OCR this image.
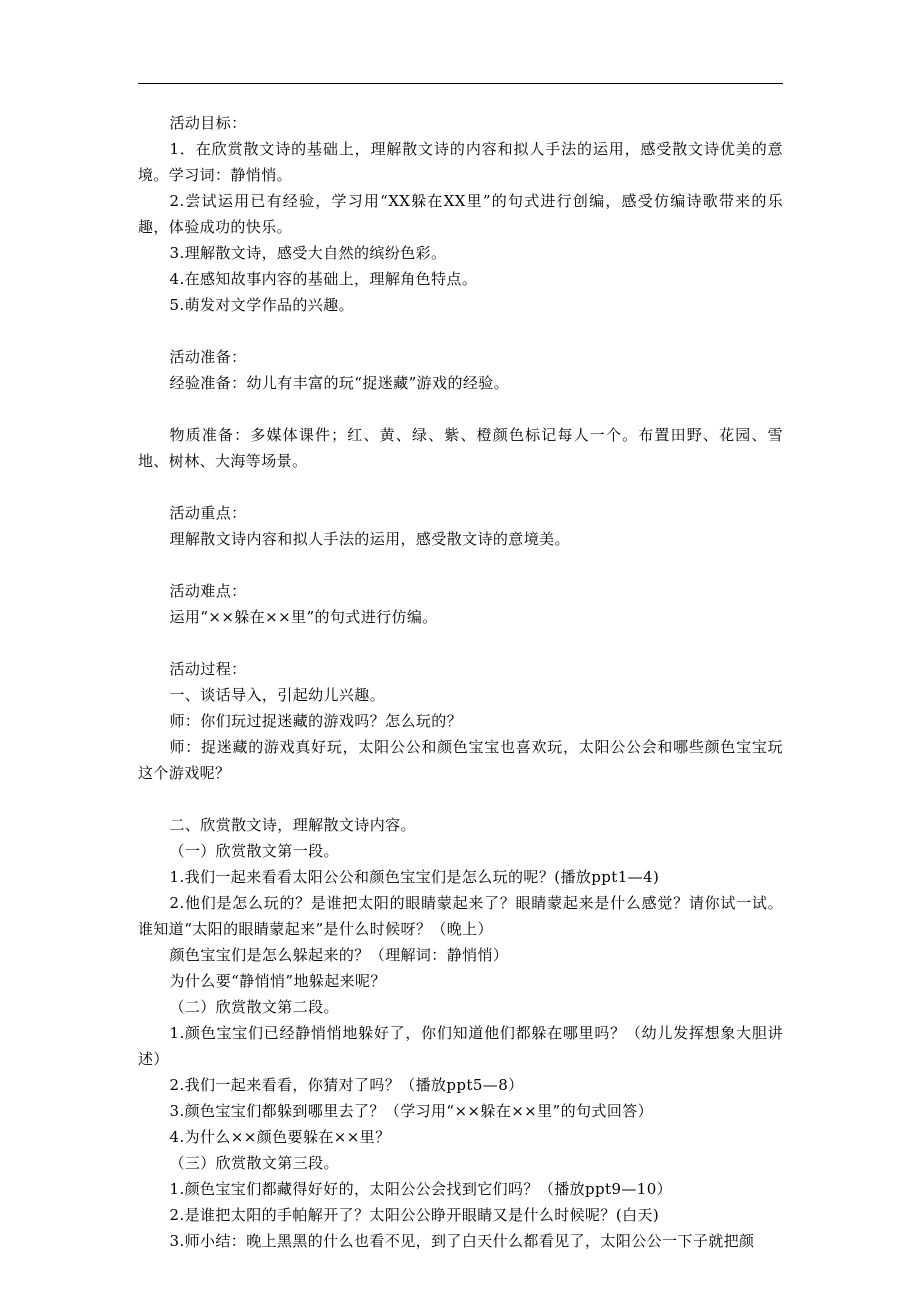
活动目标：

1．在欣赏散文诗的基础上，理解散文诗的内容和拟人手法的运用，感受散文诗优美的意境。学习词：静悄悄。

2.尝试运用已有经验，学习用“XX躲在XX里”的句式进行创编，感受仿编诗歌带来的乐趣，体验成功的快乐。

3.理解散文诗，感受大自然的缤纷色彩。

4.在感知故事内容的基础上，理解角色特点。

5.萌发对文学作品的兴趣。

活动准备：

经验准备：幼儿有丰富的玩“捉迷藏”游戏的经验。

物质准备：多媒体课件；红、黄、绿、紫、橙颜色标记每人一个。布置田野、花园、雪地、树林、大海等场景。

活动重点：

理解散文诗内容和拟人手法的运用，感受散文诗的意境美。

活动难点：

运用“××躲在××里”的句式进行仿编。

活动过程：

一、谈话导入，引起幼儿兴趣。

师：你们玩过捉迷藏的游戏吗？怎么玩的？

师：捉迷藏的游戏真好玩，太阳公公和颜色宝宝也喜欢玩，太阳公公会和哪些颜色宝宝玩这个游戏呢？

二、欣赏散文诗，理解散文诗内容。

（一）欣赏散文第一段。

1.我们一起来看看太阳公公和颜色宝宝们是怎么玩的呢？(播放ppt1—4)

2.他们是怎么玩的？是谁把太阳的眼睛蒙起来了？眼睛蒙起来是什么感觉？请你试一试。谁知道“太阳的眼睛蒙起来”是什么时候呀？（晚上）

颜色宝宝们是怎么躲起来的？（理解词：静悄悄）

为什么要“静悄悄”地躲起来呢？

（二）欣赏散文第二段。

1.颜色宝宝们已经静悄悄地躲好了，你们知道他们都躲在哪里吗？（幼儿发挥想象大胆讲述）

2.我们一起来看看，你猜对了吗？（播放ppt5—8）

3.颜色宝宝们都躲到哪里去了？（学习用“××躲在××里”的句式回答）

4.为什么××颜色要躲在××里？

（三）欣赏散文第三段。

1.颜色宝宝们都藏得好好的，太阳公公会找到它们吗？（播放ppt9—10）

2.是谁把太阳的手帕解开了？太阳公公睁开眼睛又是什么时候呢？(白天)

3.师小结：晚上黑黑的什么也看不见，到了白天什么都看见了，太阳公公一下子就把颜
